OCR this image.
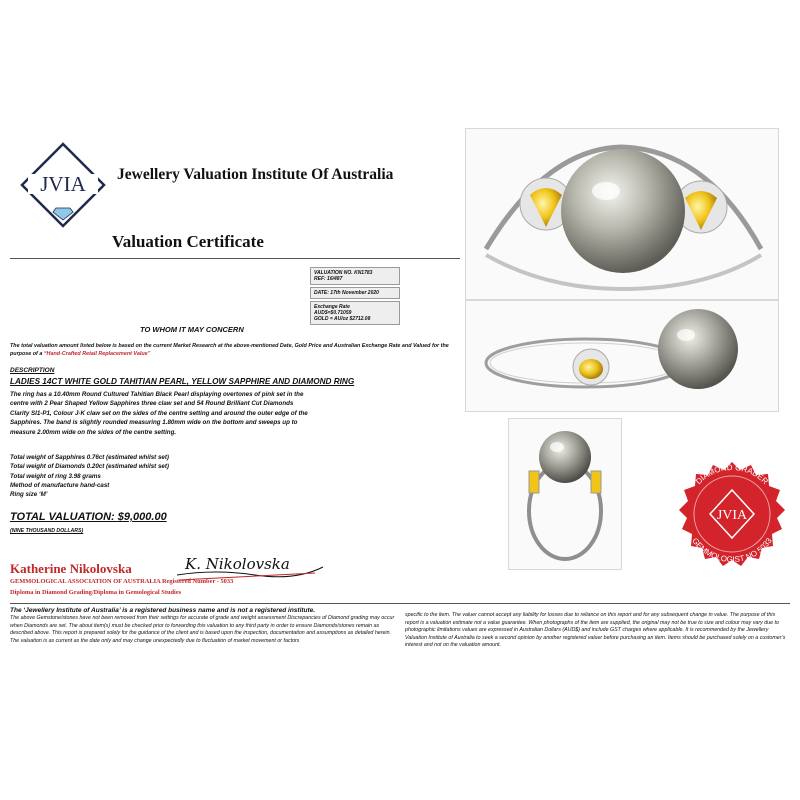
JVIA Jewellery Valuation Institute Of Australia
Valuation Certificate
VALUATION NO. KN1783
REF: 16/487
DATE: 17th November 2020
Exchange Rate
AUD$=$0.71059
GOLD = AU/oz $2712.08
TO WHOM IT MAY CONCERN
The total valuation amount listed below is based on the current Market Research at the above-mentioned Date, Gold Price and Australian Exchange Rate and Valued for the purpose of a “Hand-Crafted Retail Replacement Value”
DESCRIPTION
LADIES 14CT WHITE GOLD TAHITIAN PEARL, YELLOW SAPPHIRE AND DIAMOND RING
The ring has a 10.40mm Round Cultured Tahitian Black Pearl displaying overtones of pink set in the centre with 2 Pear Shaped Yellow Sapphires three claw set and 54 Round Brilliant Cut Diamonds Clarity SI1-P1, Colour J-K claw set on the sides of the centre setting and around the outer edge of the Sapphires. The band is slightly rounded measuring 1.80mm wide on the bottom and sweeps up to measure 2.00mm wide on the sides of the centre setting.
Total weight of Sapphires 0.76ct (estimated whilst set)
Total weight of Diamonds 0.20ct (estimated whilst set)
Total weight of ring 3.98 grams
Method of manufacture hand-cast
Ring size ‘M’
TOTAL VALUATION: $9,000.00
(NINE THOUSAND DOLLARS)
Katherine Nikolovska	K. Nikolovska
GEMMOLOGICAL ASSOCIATION OF AUSTRALIA Registered Number - 5033
Diploma in Diamond Grading/Diploma in Gemological Studies
The ‘Jewellery Institute of Australia’ is a registered business name and is not a registered institute.
The above Gemstone/stones have not been removed from their settings for accurate of grade and weight assessment Discrepancies of Diamond grading may occur when Diamonds are set. The about item(s) must be checked prior to forwarding this valuation to any third party in order to ensure Diamonds/stones remain as described above. This report is prepared solely for the guidance of the client and is based upon the inspection, documentation and assumptions as detailed herein. The valuation is as current as the date only and may change unexpectedly due to fluctuation of market movement or factors
specific to the item. The valuer cannot accept any liability for losses due to reliance on this report and for any subsequent change in value. The purpose of this report is a valuation estimate not a value guarantee. When photographs of the item are supplied, the original may not be true to size and colour may vary due to photographic limitations values are expressed in Australian Dollars (AUD$) and include GST charges where applicable. It is recommended by the Jewellery Valuation Institute of Australia to seek a second opinion by another registered valuer before purchasing an item. Items should be purchased solely on a customer’s interest and not on the valuation amount.
DIAMOND GRADER
GEMMOLOGIST NO 5033
JVIA
